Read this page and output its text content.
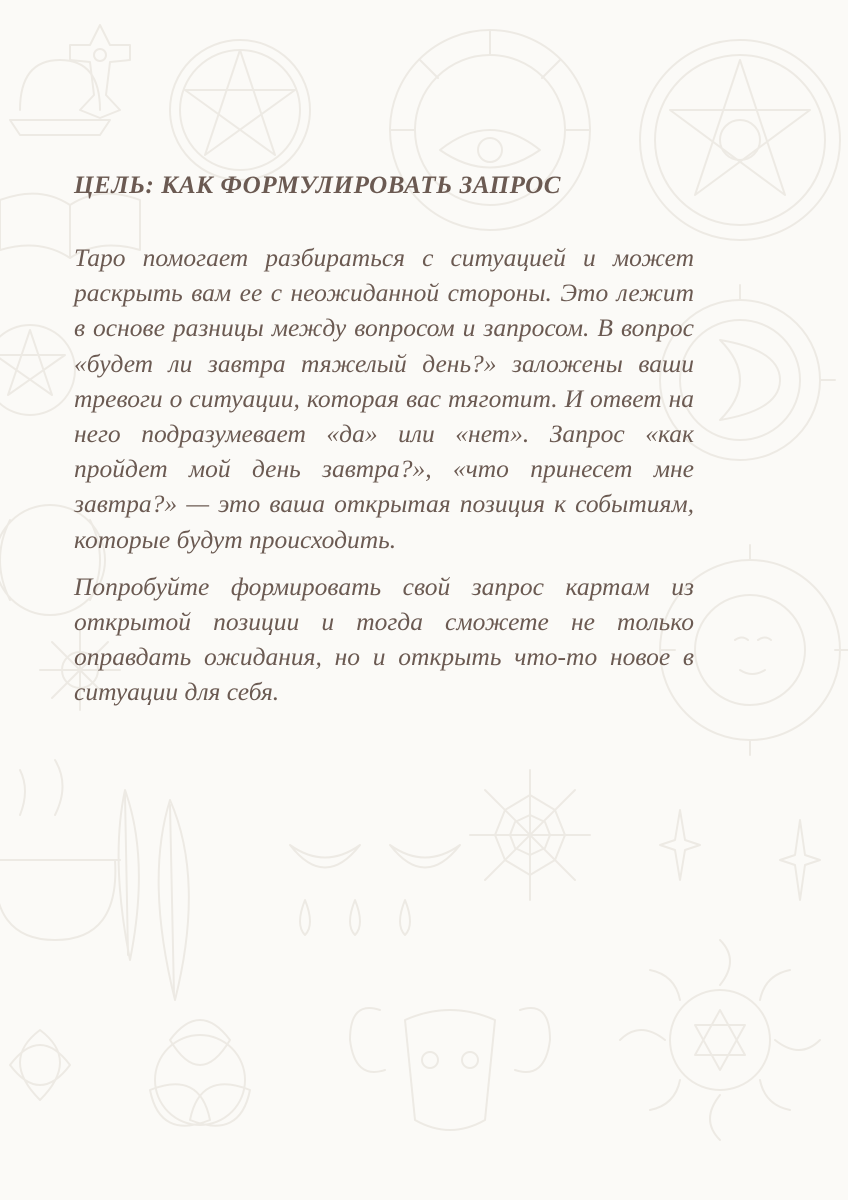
ЦЕЛЬ: КАК ФОРМУЛИРОВАТЬ ЗАПРОС

Таро помогает разбираться с ситуацией и может раскрыть вам ее с неожиданной стороны. Это лежит в основе разницы между вопросом и запросом. В вопрос «будет ли завтра тяжелый день?» заложены ваши тревоги о ситуации, которая вас тяготит. И ответ на него подразумевает «да» или «нет». Запрос «как пройдет мой день завтра?», «что принесет мне завтра?» — это ваша открытая позиция к событиям, которые будут происходить.

Попробуйте формировать свой запрос картам из открытой позиции и тогда сможете не только оправдать ожидания, но и открыть что-то новое в ситуации для себя.
